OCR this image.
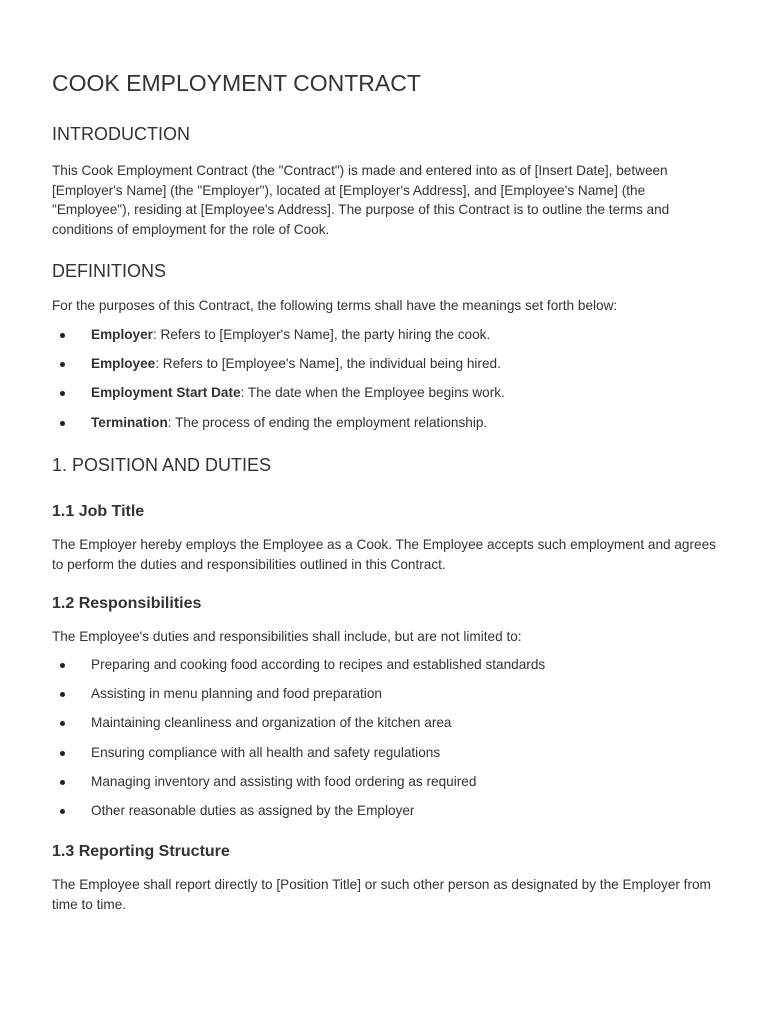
COOK EMPLOYMENT CONTRACT
INTRODUCTION

This Cook Employment Contract (the "Contract") is made and entered into as of [Insert Date], between [Employer's Name] (the "Employer"), located at [Employer's Address], and [Employee's Name] (the "Employee"), residing at [Employee's Address]. The purpose of this Contract is to outline the terms and conditions of employment for the role of Cook.

DEFINITIONS

For the purposes of this Contract, the following terms shall have the meanings set forth below:

Employer: Refers to [Employer's Name], the party hiring the cook.
Employee: Refers to [Employee's Name], the individual being hired.
Employment Start Date: The date when the Employee begins work.
Termination: The process of ending the employment relationship.
1. POSITION AND DUTIES
1.1 Job Title

The Employer hereby employs the Employee as a Cook. The Employee accepts such employment and agrees to perform the duties and responsibilities outlined in this Contract.

1.2 Responsibilities

The Employee's duties and responsibilities shall include, but are not limited to:

Preparing and cooking food according to recipes and established standards
Assisting in menu planning and food preparation
Maintaining cleanliness and organization of the kitchen area
Ensuring compliance with all health and safety regulations
Managing inventory and assisting with food ordering as required
Other reasonable duties as assigned by the Employer
1.3 Reporting Structure

The Employee shall report directly to [Position Title] or such other person as designated by the Employer from time to time.
